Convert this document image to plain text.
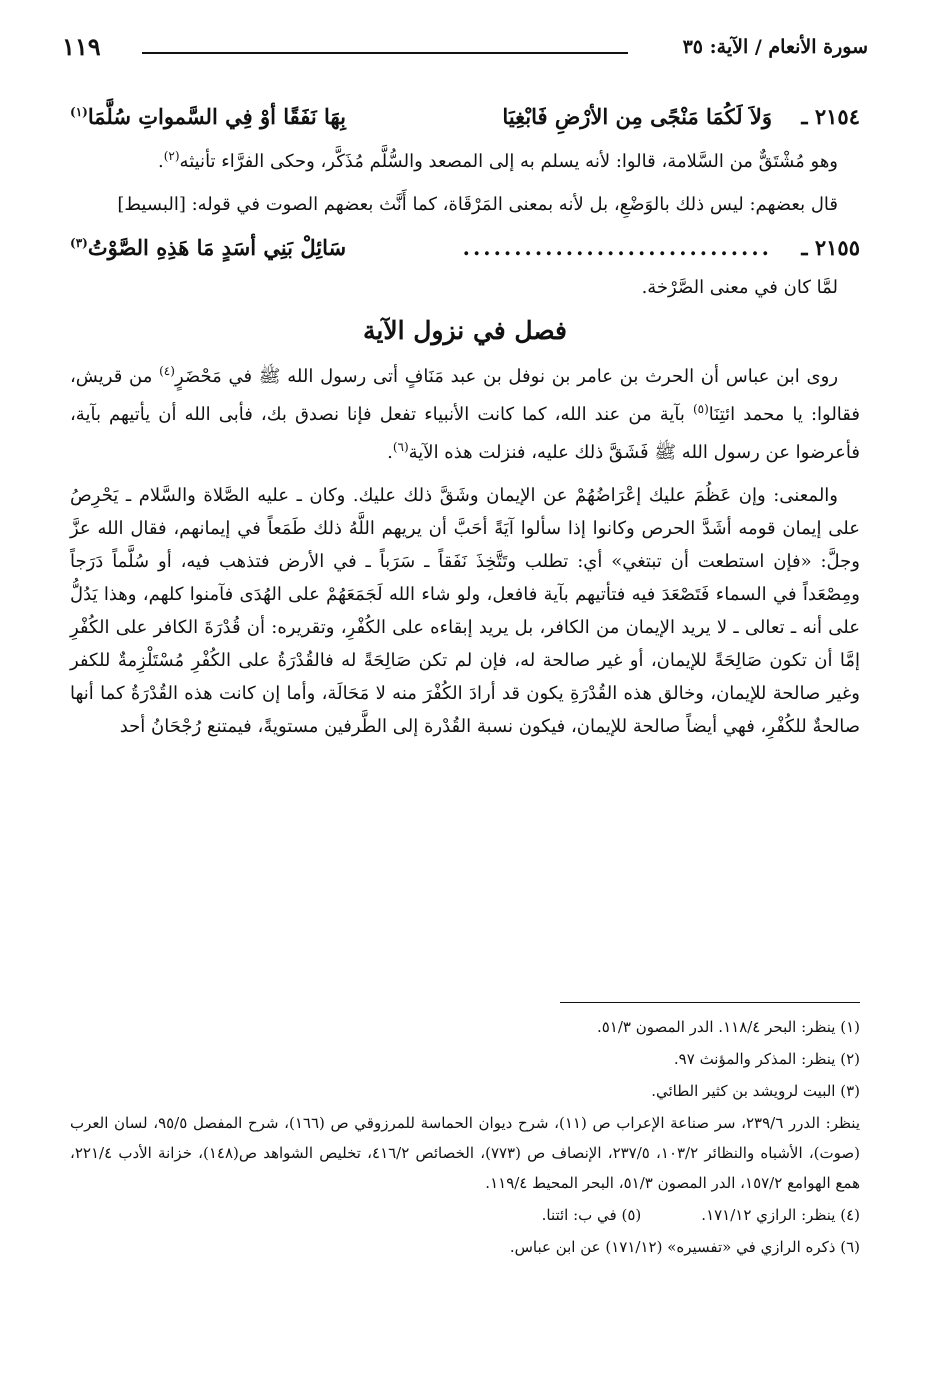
سورة الأنعام / الآية: ٣٥
١١٩
٢١٥٤ ـ
وَلاَ لَكُمَا مَنْجًى مِن الأرْضِ فَابْغِيَا
بِهَا نَفَقًا أوْ فِي السَّمواتِ سُلَّمَا$^{(١)}$

وهو مُشْتَقٌّ من السَّلامة، قالوا: لأنه يسلم به إلى المصعد والسُّلَّم مُذَكَّر، وحكى الفرَّاء تأنيثه$^{(٢)}$.

قال بعضهم: ليس ذلك بالوَضْعِ، بل لأنه بمعنى المَرْقَاة، كما أَنَّث بعضهم الصوت في قوله: [البسيط]

٢١٥٥ ـ
..............................
سَائِلْ بَنِي أسَدٍ مَا هَذِهِ الصَّوْتُ$^{(٣)}$

لمَّا كان في معنى الصَّرْخة.

فصل في نزول الآية

روى ابن عباس أن الحرث بن عامر بن نوفل بن عبد مَنَافٍ أتى رسول الله ﷺ في مَحْضَرٍ$^{(٤)}$ من قريش، فقالوا: يا محمد ائتِنَا$^{(٥)}$ بآية من عند الله، كما كانت الأنبياء تفعل فإنا نصدق بك، فأبى الله أن يأتيهم بآية، فأعرضوا عن رسول الله ﷺ فَشَقَّ ذلك عليه، فنزلت هذه الآية$^{(٦)}$.

والمعنى: وإن عَظُمَ عليك إعْرَاضُهُمْ عن الإيمان وشَقَّ ذلك عليك. وكان ـ عليه الصَّلاة والسَّلام ـ يَحْرِصُ على إيمان قومه أشَدَّ الحرص وكانوا إذا سألوا آيَةً أحَبَّ أن يريهم اللَّهُ ذلك طَمَعاً في إيمانهم، فقال الله عزَّ وجلَّ: «فإن استطعت أن تبتغي» أي: تطلب وتَتَّخِذَ نَفَقاً ـ سَرَباً ـ في الأرض فتذهب فيه، أو سُلَّماً دَرَجاً ومِصْعَداً في السماء فَتَصْعَدَ فيه فتأتيهم بآية فافعل، ولو شاء الله لَجَمَعَهُمْ على الهُدَى فآمنوا كلهم، وهذا يَدُلُّ على أنه ـ تعالى ـ لا يريد الإيمان من الكافر، بل يريد إبقاءه على الكُفْرِ، وتقريره: أن قُدْرَةَ الكافر على الكُفْرِ إمَّا أن تكون صَالِحَةً للإيمان، أو غير صالحة له، فإن لم تكن صَالِحَةً له فالقُدْرَةُ على الكُفْرِ مُسْتَلْزِمةٌ للكفر وغير صالحة للإيمان، وخالق هذه القُدْرَةِ يكون قد أرادَ الكُفْرَ منه لا مَحَالَة، وأما إن كانت هذه القُدْرَةُ كما أنها صالحةٌ للكُفْرِ، فهي أيضاً صالحة للإيمان، فيكون نسبة القُدْرة إلى الطَّرفين مستويةً، فيمتنع رُجْحَانُ أحد

(١) ينظر: البحر ١١٨/٤. الدر المصون ٥١/٣.
(٢) ينظر: المذكر والمؤنث ٩٧.
(٣) البيت لرويشد بن كثير الطائي.
ينظر: الدرر ٢٣٩/٦، سر صناعة الإعراب ص (١١)، شرح ديوان الحماسة للمرزوقي ص (١٦٦)، شرح المفصل ٩٥/٥، لسان العرب (صوت)، الأشباه والنظائر ١٠٣/٢، ٢٣٧/٥، الإنصاف ص (٧٧٣)، الخصائص ٤١٦/٢، تخليص الشواهد ص(١٤٨)، خزانة الأدب ٢٢١/٤، همع الهوامع ١٥٧/٢، الدر المصون ٥١/٣، البحر المحيط ١١٩/٤.
(٤) ينظر: الرازي ١٧١/١٢.
(٥) في ب: ائتنا.
(٦) ذكره الرازي في «تفسيره» (١٧١/١٢) عن ابن عباس.
